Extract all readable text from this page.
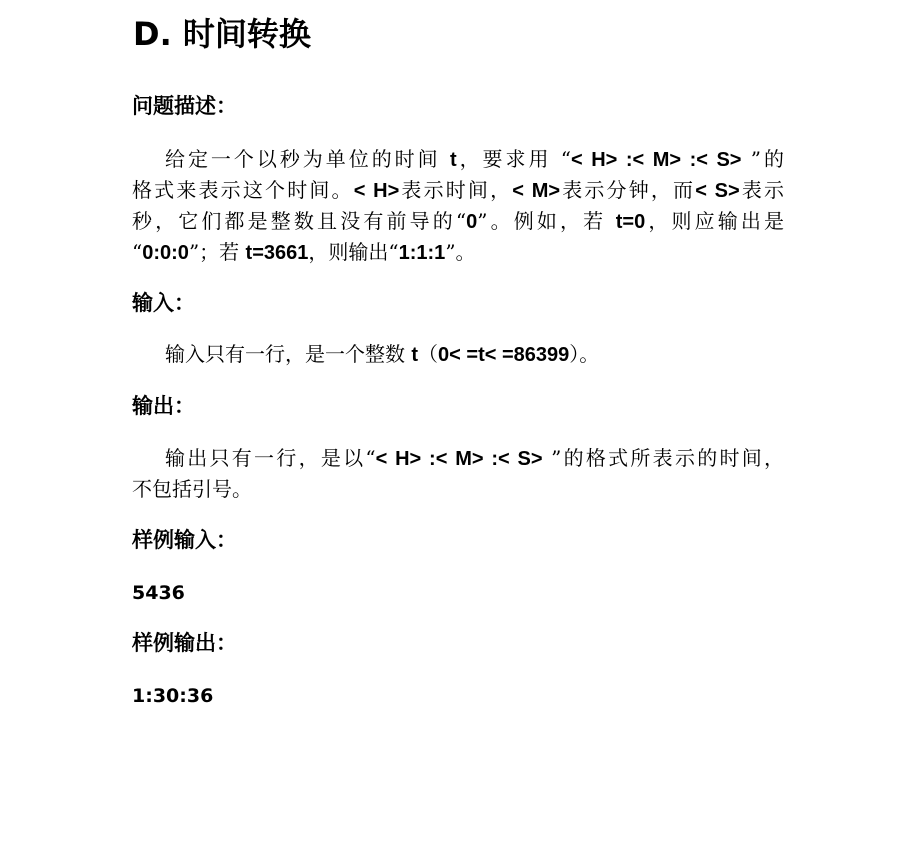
D. 时间转换
问题描述：
给定一个以秒为单位的时间 t，要求用 “< H> :< M> :< S> ”的
格式来表示这个时间。< H>表示时间，< M>表示分钟，而< S>表示
秒，它们都是整数且没有前导的“0”。例如，若 t=0，则应输出是
“0:0:0”；若 t=3661，则输出“1:1:1”。
输入：
输入只有一行，是一个整数 t（0< =t< =86399）。
输出：
输出只有一行，是以“< H> :< M> :< S> ”的格式所表示的时间，
不包括引号。
样例输入：
5436
样例输出：
1:30:36
